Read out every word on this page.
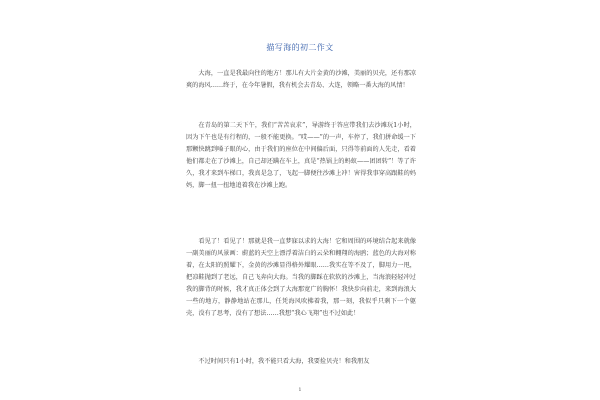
描写海的初二作文

大海，一直是我最向往的地方！那儿有大片金黄的沙滩，美丽的贝壳，还有那凉爽的海风……终于，在今年暑假，我有机会去青岛、大连，领略一番大海的风情！

在青岛的第二天下午，我们“苦苦哀求”，导游终于答应带我们去沙滩玩1小时，因为下午也是有行程的，一般不能更换。“哎——”的一声，车停了，我们拼命缓一下那颗快跳到嗓子眼的心，由于我们的座位在中间偏后面，只得等前面的人先走，看着他们都走在了沙滩上，自己却还蹒在车上，真是“热锅上的蚂蚁——团团转”！等了许久，我才来到车梯口，我真是急了，飞起一脚便往沙滩上冲！害得我事穿高跟鞋的妈妈，脚一扭一扭地追着我在沙滩上跑。

看见了！看见了！那就是我一直梦寐以求的大海！它和周围的环境结合起来就像一副美丽的风景画：蔚蓝的天空上漂浮着洁白的云朵和翱翔的海鸥；蓝色的大海对称着，在太阳的照耀下，金黄的沙滩显得格外耀眼……我实在等不及了，脚用力一甩，把凉鞋抛到了老远，自己飞奔向大海。当我的脚踩在软软的沙滩上，当海浪轻轻冲过我的脚背的时候，我才真正体会到了大海那宽广的胸怀！我快步向前走，来到海浪大一些的地方，静静地站在那儿，任凭海风吹拂着我，那一刻，我似乎只剩下一个躯壳，没有了思考，没有了想法……我想“我心飞翔”也不过如此！

不过时间只有1小时，我不能只看大海，我要捡贝壳！和我朋友

1
